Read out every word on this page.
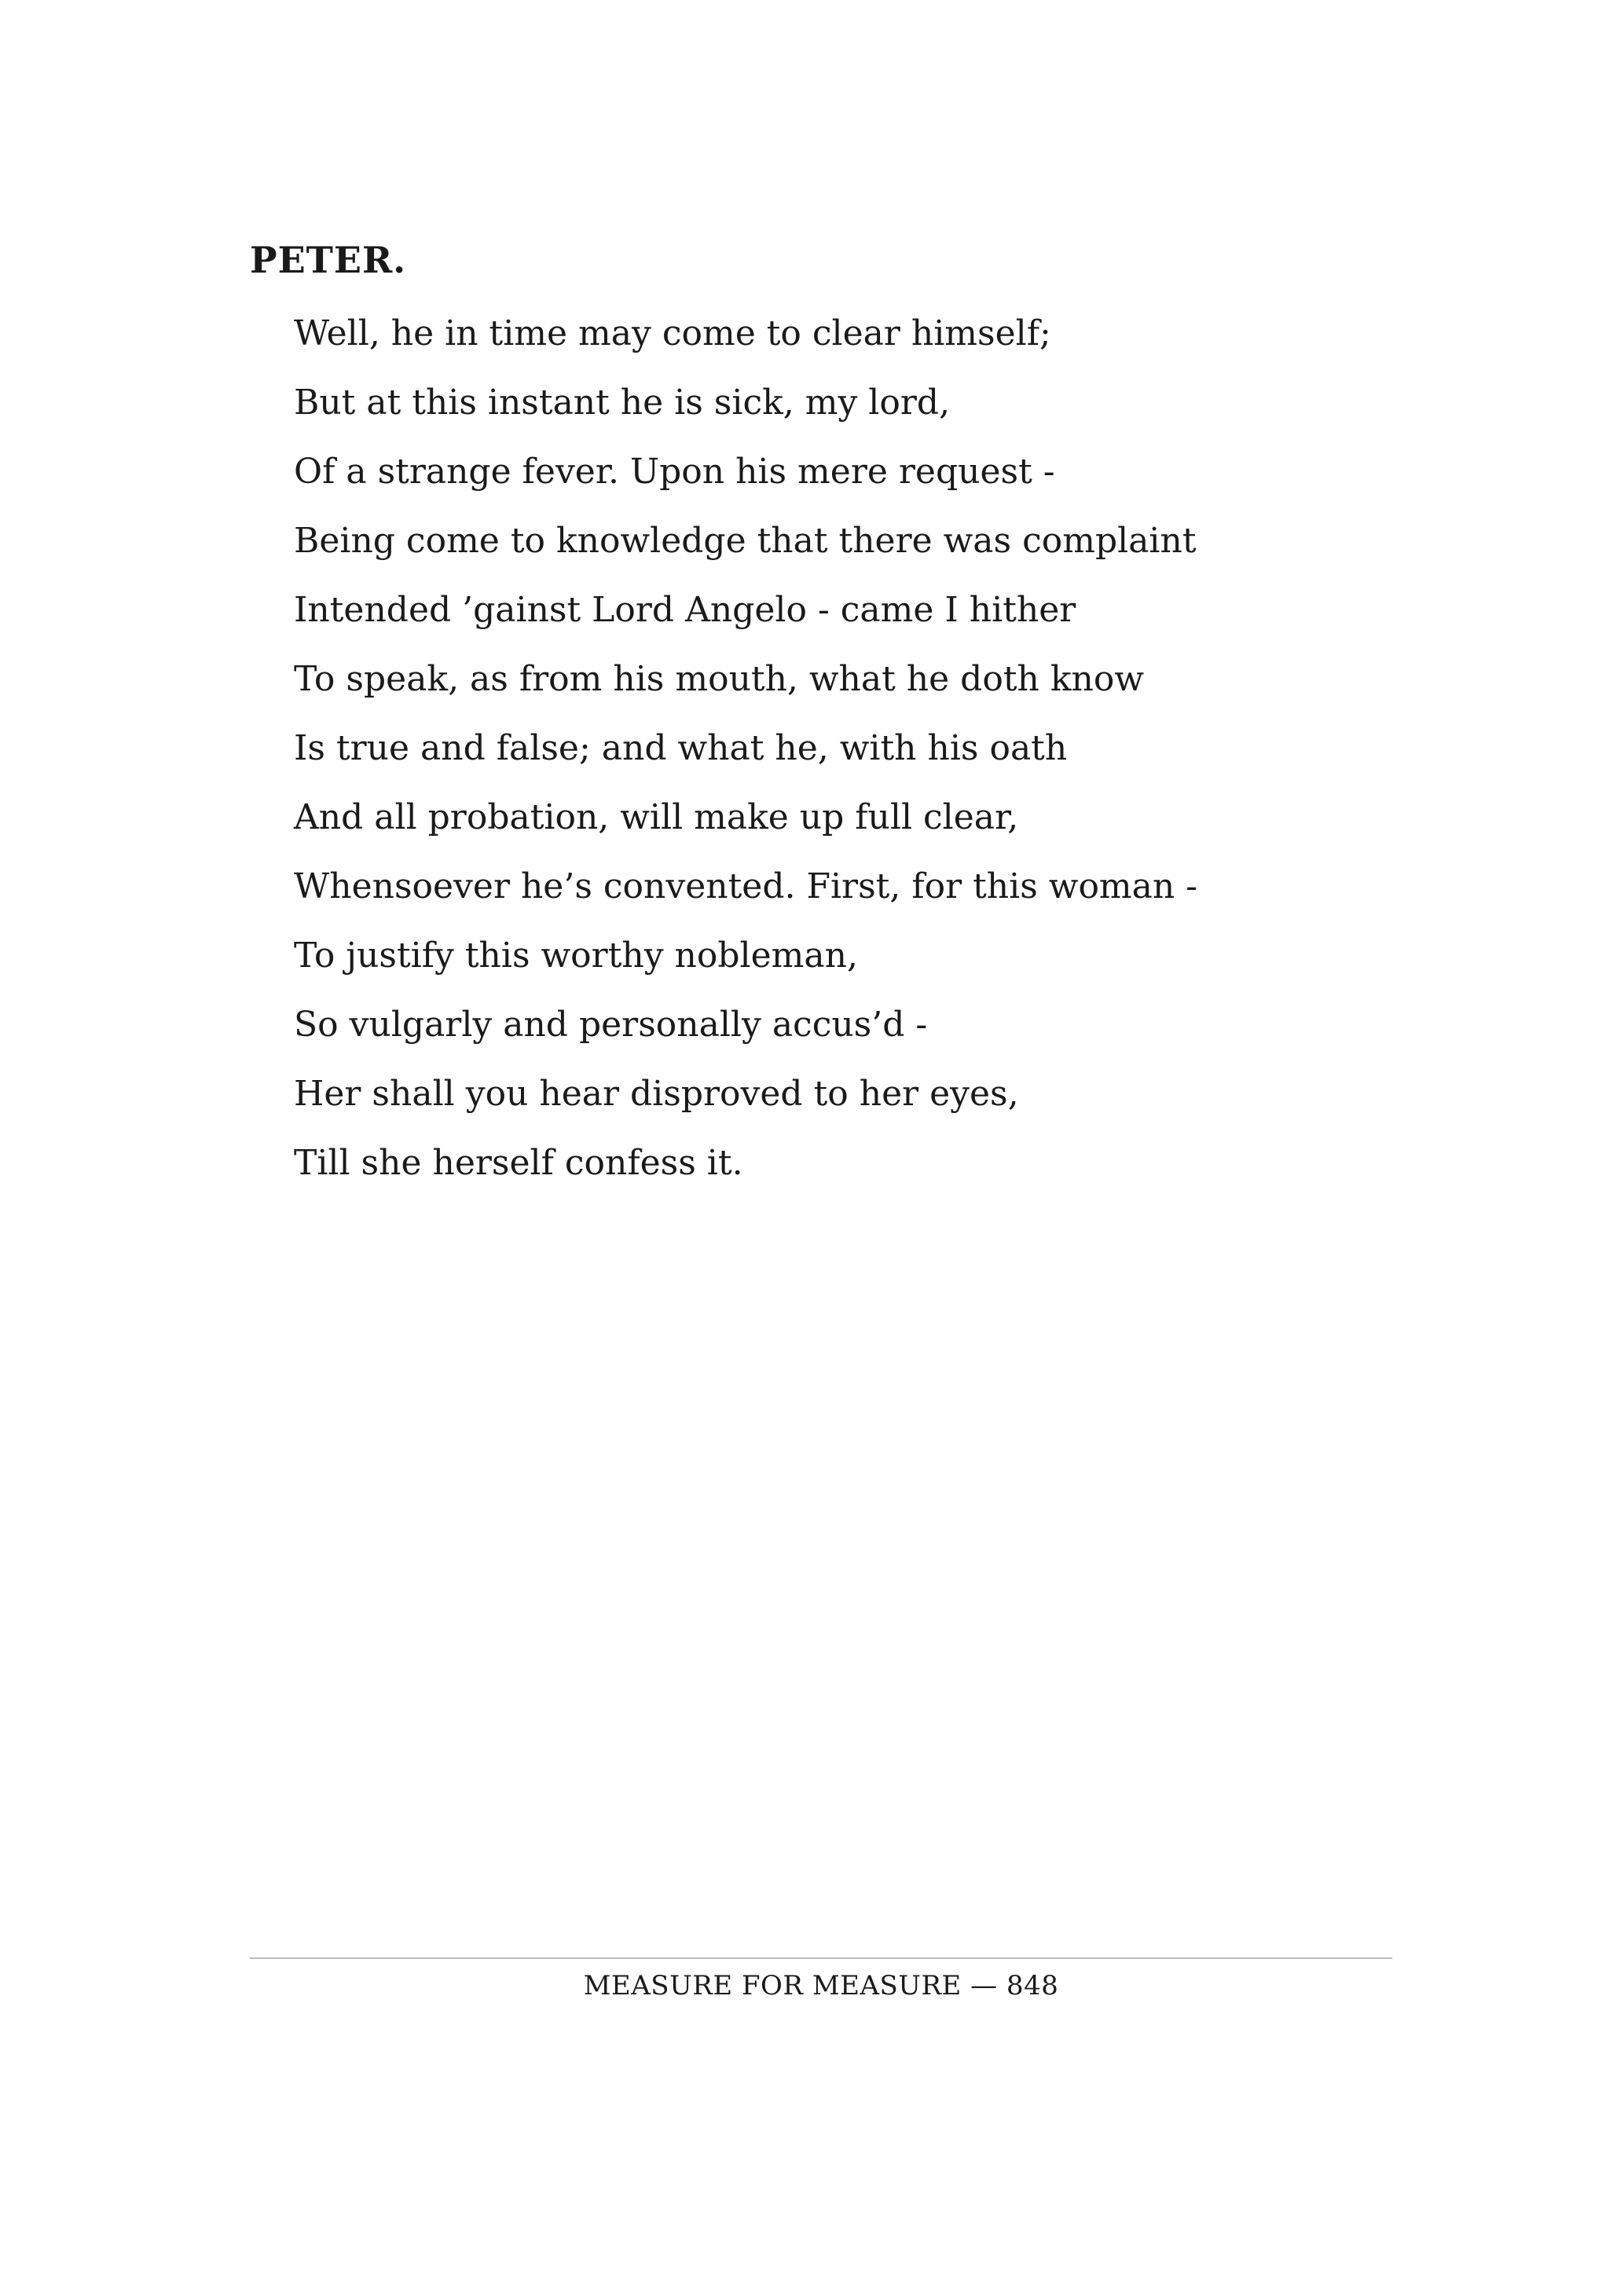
PETER.
Well, he in time may come to clear himself;
But at this instant he is sick, my lord,
Of a strange fever. Upon his mere request -
Being come to knowledge that there was complaint
Intended ’gainst Lord Angelo - came I hither
To speak, as from his mouth, what he doth know
Is true and false; and what he, with his oath
And all probation, will make up full clear,
Whensoever he’s convented. First, for this woman -
To justify this worthy nobleman,
So vulgarly and personally accus’d -
Her shall you hear disproved to her eyes,
Till she herself confess it.
MEASURE FOR MEASURE — 848
